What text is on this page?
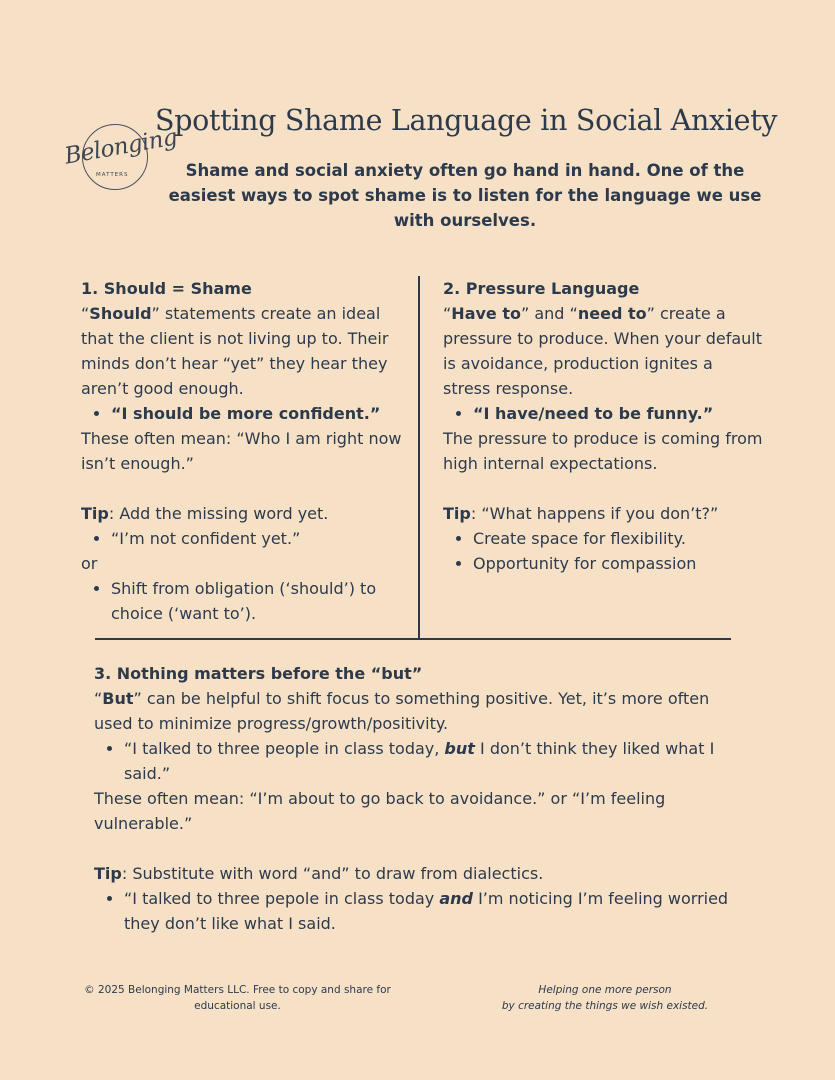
Belonging
MATTERS
Spotting Shame Language in Social Anxiety
Shame and social anxiety often go hand in hand. One of the easiest ways to spot shame is to listen for the language we use with ourselves.

1. Should = Shame

“Should” statements create an ideal that the client is not living up to. Their minds don’t hear “yet” they hear they aren’t good enough.

• “I should be more confident.”

These often mean: “Who I am right now isn’t enough.”

Tip: Add the missing word yet.

• “I’m not confident yet.”

or

• Shift from obligation (‘should’) to choice (‘want to’).

2. Pressure Language

“Have to” and “need to” create a pressure to produce. When your default is avoidance, production ignites a stress response.

• “I have/need to be funny.”

The pressure to produce is coming from high internal expectations.

Tip: “What happens if you don’t?”

• Create space for flexibility.
• Opportunity for compassion

3. Nothing matters before the “but”

“But” can be helpful to shift focus to something positive. Yet, it’s more often used to minimize progress/growth/positivity.

• “I talked to three people in class today, but I don’t think they liked what I said.”

These often mean: “I’m about to go back to avoidance.” or “I’m feeling vulnerable.”

Tip: Substitute with word “and” to draw from dialectics.

• “I talked to three pepole in class today and I’m noticing I’m feeling worried they don’t like what I said.
© 2025 Belonging Matters LLC. Free to copy and share for educational use.
Helping one more person
by creating the things we wish existed.
